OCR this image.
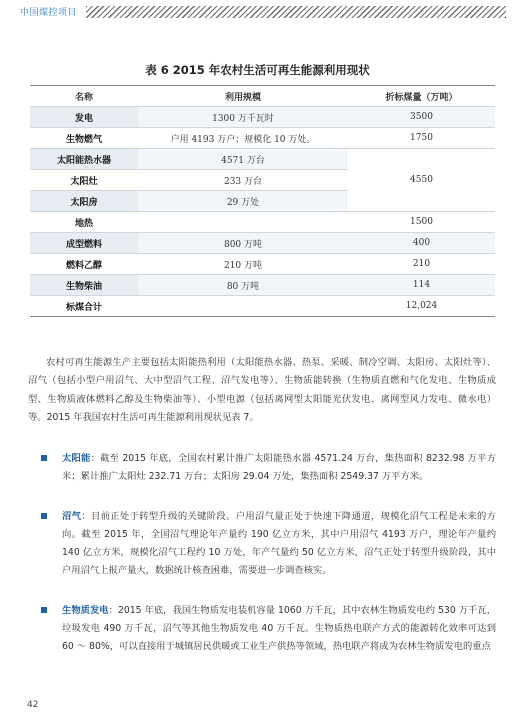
中国煤控项目
表 6 2015 年农村生活可再生能源利用现状
名称	利用规模	折标煤量（万吨）
发电	1300 万千瓦时	3500
生物燃气	户用 4193 万户；规模化 10 万处。	1750
太阳能热水器	4571 万台	4550
太阳灶	233 万台	
太阳房	29 万处	
地热		1500
成型燃料	800 万吨	400
燃料乙醇	210 万吨	210
生物柴油	80 万吨	114
标煤合计		12,024
农村可再生能源生产主要包括太阳能热利用（太阳能热水器、热泵、采暖、制冷空调、太阳房、太阳灶等）、沼气（包括小型户用沼气、大中型沼气工程、沼气发电等）、生物质能转换（生物质直燃和气化发电、生物质成型、生物质液体燃料乙醇及生物柴油等）、小型电源（包括离网型太阳能光伏发电、离网型风力发电、微水电）等。2015 年我国农村生活可再生能源利用现状见表 7。
太阳能：截至 2015 年底，全国农村累计推广太阳能热水器 4571.24 万台，集热面积 8232.98 万平方米；累计推广太阳灶 232.71 万台；太阳房 29.04 万处，集热面积 2549.37 万平方米。
沼气：目前正处于转型升级的关键阶段。户用沼气量正处于快速下降通道，规模化沼气工程是未来的方向。截至 2015 年，全国沼气理论年产量约 190 亿立方米，其中户用沼气 4193 万户，理论年产量约 140 亿立方米，规模化沼气工程约 10 万处，年产气量约 50 亿立方米，沼气正处于转型升级阶段，其中户用沼气上报产量大，数据统计核查困难，需要进一步调查核实。
生物质发电：2015 年底，我国生物质发电装机容量 1060 万千瓦，其中农林生物质发电约 530 万千瓦，垃圾发电 490 万千瓦，沼气等其他生物质发电 40 万千瓦。生物质热电联产方式的能源转化效率可达到 60 ～ 80%，可以直接用于城镇居民供暖或工业生产供热等领域，热电联产将成为农林生物质发电的重点
42
